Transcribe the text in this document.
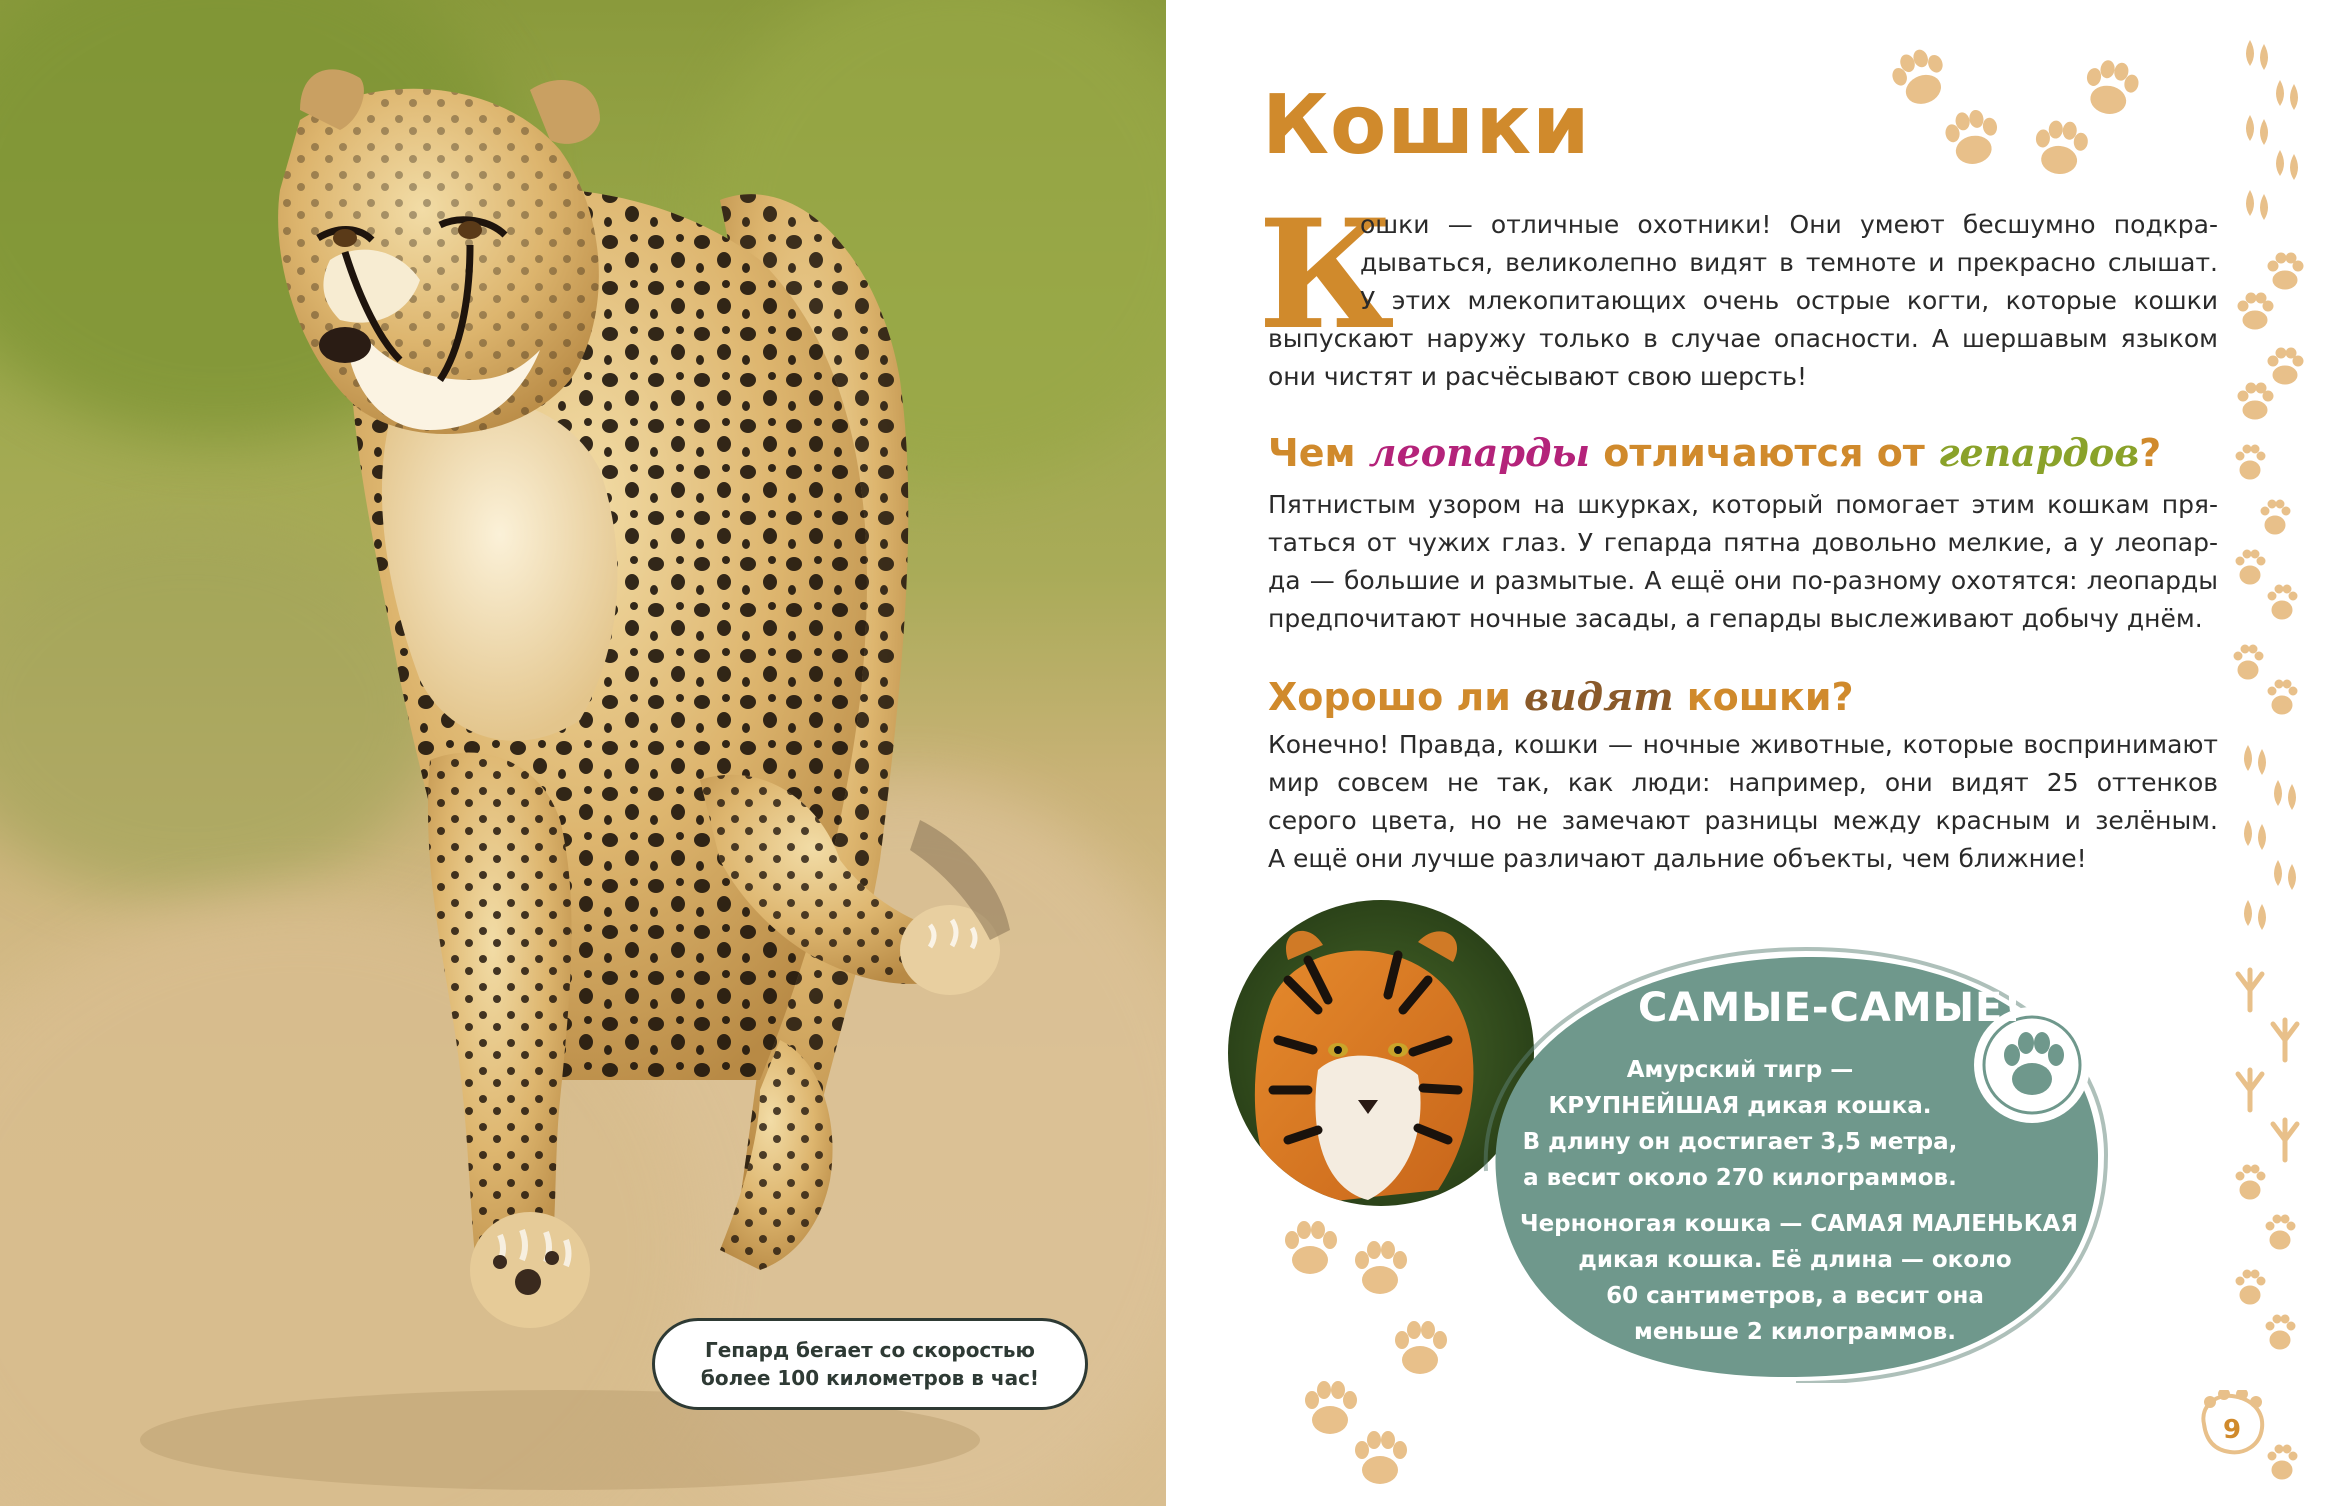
Гепард бегает со скоростью
более 100 километров в час!
Кошки
К
ошки — отличные охотники! Они умеют бесшумно подкра-
дываться, великолепно видят в темноте и прекрасно слышат.
У этих млекопитающих очень острые когти, которые кошки
выпускают наружу только в случае опасности. А шершавым языком
они чистят и расчёсывают свою шерсть!
Чем леопарды отличаются от гепардов?
Пятнистым узором на шкурках, который помогает этим кошкам пря-
таться от чужих глаз. У гепарда пятна довольно мелкие, а у леопар-
да — большие и размытые. А ещё они по-разному охотятся: леопарды
предпочитают ночные засады, а гепарды выслеживают добычу днём.
Хорошо ли видят кошки?
Конечно! Правда, кошки — ночные животные, которые воспринимают
мир совсем не так, как люди: например, они видят 25 оттенков
серого цвета, но не замечают разницы между красным и зелёным.
А ещё они лучше различают дальние объекты, чем ближние!
САМЫЕ-САМЫЕ!
Амурский тигр —
КРУПНЕЙШАЯ дикая кошка.
В длину он достигает 3,5 метра,
а весит около 270 килограммов.
Черноногая кошка — САМАЯ МАЛЕНЬКАЯ
дикая кошка. Её длина — около
60 сантиметров, а весит она
меньше 2 килограммов.
9
